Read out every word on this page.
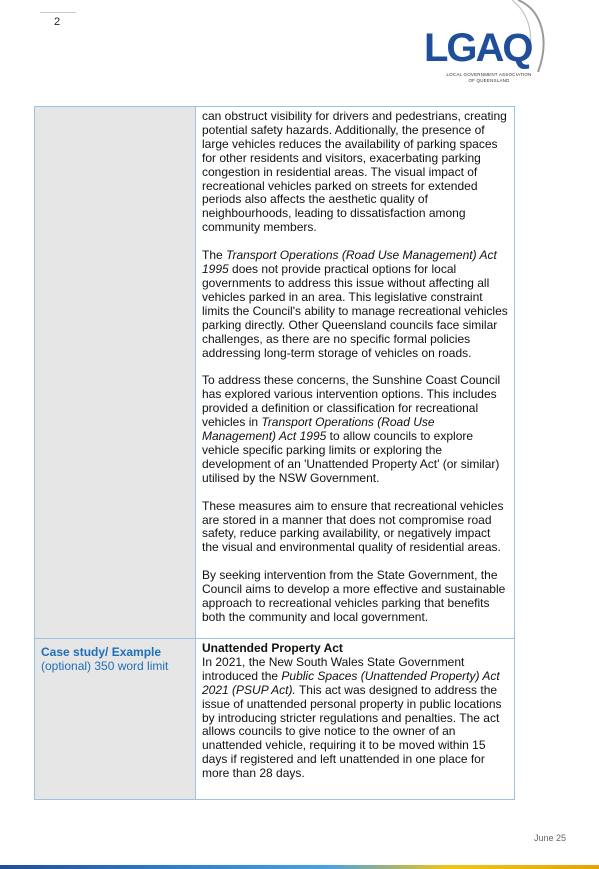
2
LGAQ
LOCAL GOVERNMENT ASSOCIATION
OF QUEENSLAND

can obstruct visibility for drivers and pedestrians, creating potential safety hazards. Additionally, the presence of large vehicles reduces the availability of parking spaces for other residents and visitors, exacerbating parking congestion in residential areas. The visual impact of recreational vehicles parked on streets for extended periods also affects the aesthetic quality of neighbourhoods, leading to dissatisfaction among community members.

The Transport Operations (Road Use Management) Act 1995 does not provide practical options for local governments to address this issue without affecting all vehicles parked in an area. This legislative constraint limits the Council's ability to manage recreational vehicles parking directly. Other Queensland councils face similar challenges, as there are no specific formal policies addressing long-term storage of vehicles on roads.

To address these concerns, the Sunshine Coast Council has explored various intervention options. This includes provided a definition or classification for recreational vehicles in Transport Operations (Road Use Management) Act 1995 to allow councils to explore vehicle specific parking limits or exploring the development of an 'Unattended Property Act' (or similar) utilised by the NSW Government.

These measures aim to ensure that recreational vehicles are stored in a manner that does not compromise road safety, reduce parking availability, or negatively impact the visual and environmental quality of residential areas.

By seeking intervention from the State Government, the Council aims to develop a more effective and sustainable approach to recreational vehicles parking that benefits both the community and local government.

Case study/ Example
(optional) 350 word limit
Unattended Property Act

In 2021, the New South Wales State Government introduced the Public Spaces (Unattended Property) Act 2021 (PSUP Act). This act was designed to address the issue of unattended personal property in public locations by introducing stricter regulations and penalties. The act allows councils to give notice to the owner of an unattended vehicle, requiring it to be moved within 15 days if registered and left unattended in one place for more than 28 days.

June 25
